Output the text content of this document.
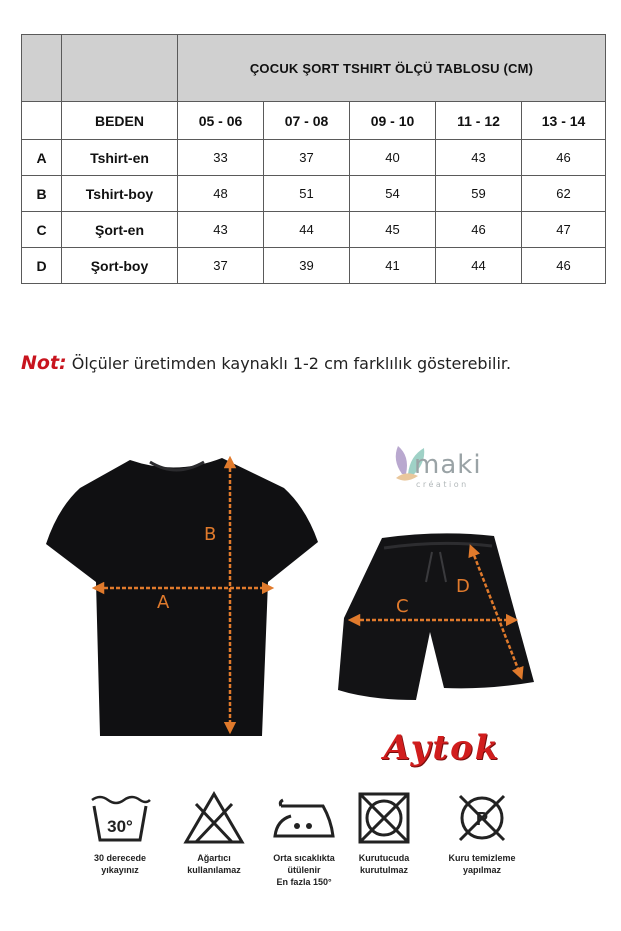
		ÇOCUK ŞORT TSHIRT ÖLÇÜ TABLOSU (CM)				
	BEDEN	05 - 06	07 - 08	09 - 10	11 - 12	13 - 14
A	Tshirt-en	33	37	40	43	46
B	Tshirt-boy	48	51	54	59	62
C	Şort-en	43	44	45	46	47
D	Şort-boy	37	39	41	44	46
Not: Ölçüler üretimden kaynaklı 1-2 cm farklılık gösterebilir.
B
A	C
D
maki
création
Aytok
30°
30 derecede
yıkayınız
Ağartıcı
kullanılamaz
Orta sıcaklıkta
ütülenir
En fazla 150°
Kurutucuda
kurutulmaz
P
Kuru temizleme
yapılmaz
